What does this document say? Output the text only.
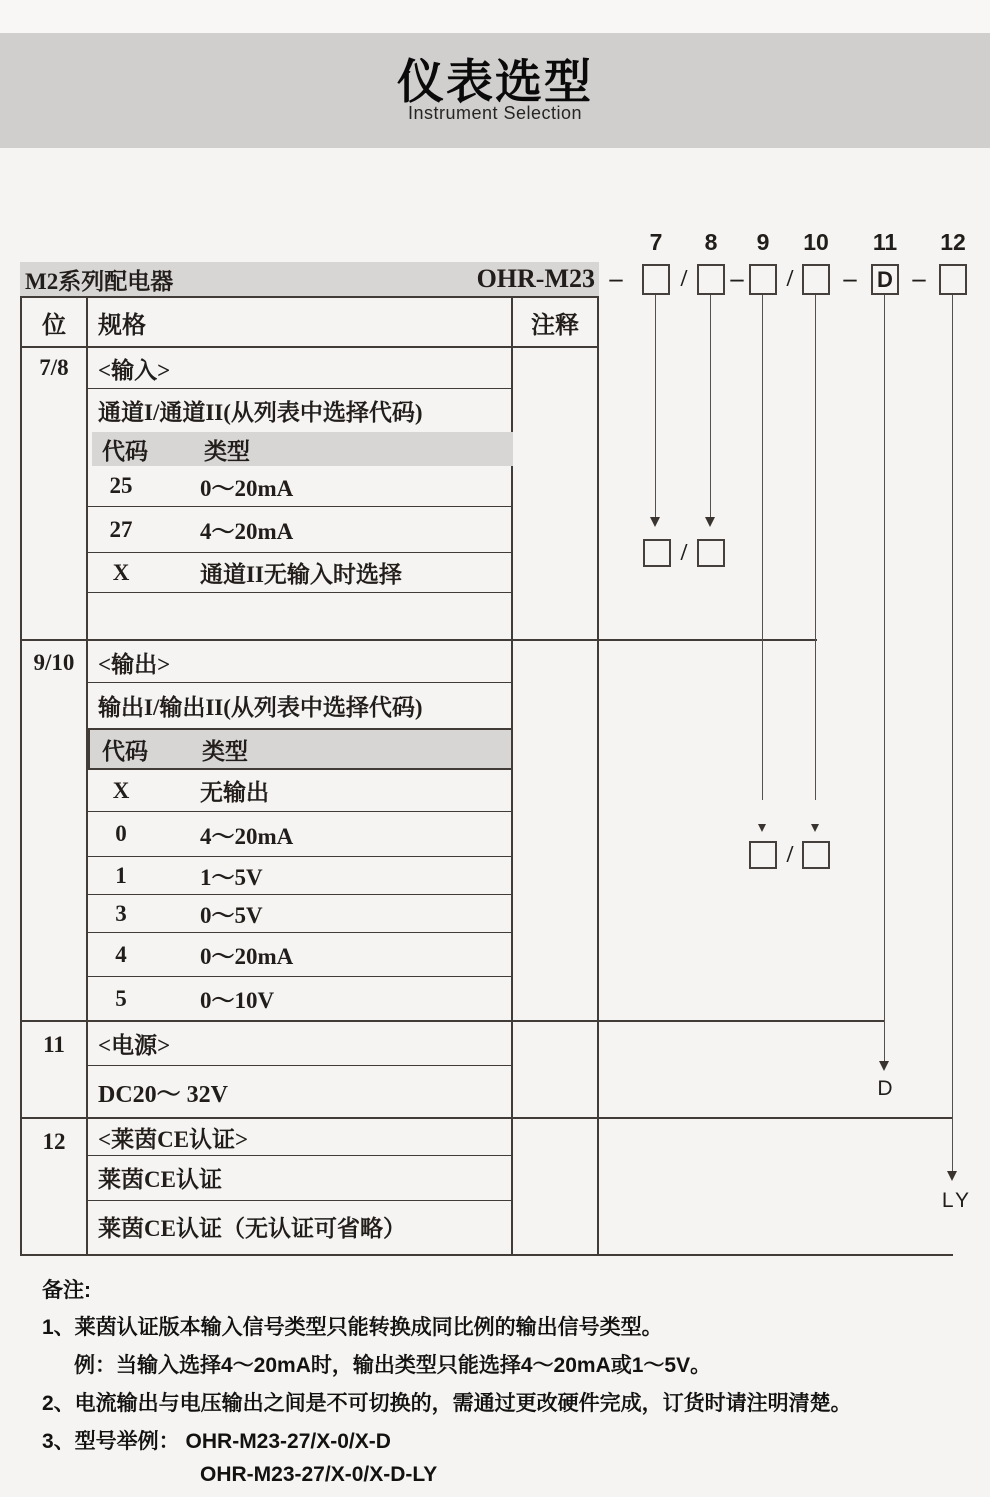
仪表选型
Instrument Selection
M2系列配电器	OHR-M23
位	规格	注释
7/8	<输入>
通道I/通道II(从列表中选择代码)
代码 类型
25	0～20mA
27	4～20mA
X	通道II无输入时选择
9/10	<输出>
输出I/输出II(从列表中选择代码)
代码 类型
X	无输出
0	4～20mA
1	1～5V
3	0～5V
4	0～20mA
5	0～10V
11	<电源>
DC20～ 32V
12	<莱茵CE认证>
莱茵CE认证
莱茵CE认证（无认证可省略）
7	8	9	10	11	12
D
–	/	–	/	– –
/
/
D
LY
备注:
1、莱茵认证版本输入信号类型只能转换成同比例的输出信号类型。
例：当输入选择4～20mA时，输出类型只能选择4～20mA或1～5V。
2、电流输出与电压输出之间是不可切换的，需通过更改硬件完成，订货时请注明清楚。
3、型号举例： OHR-M23-27/X-0/X-D
OHR-M23-27/X-0/X-D-LY
